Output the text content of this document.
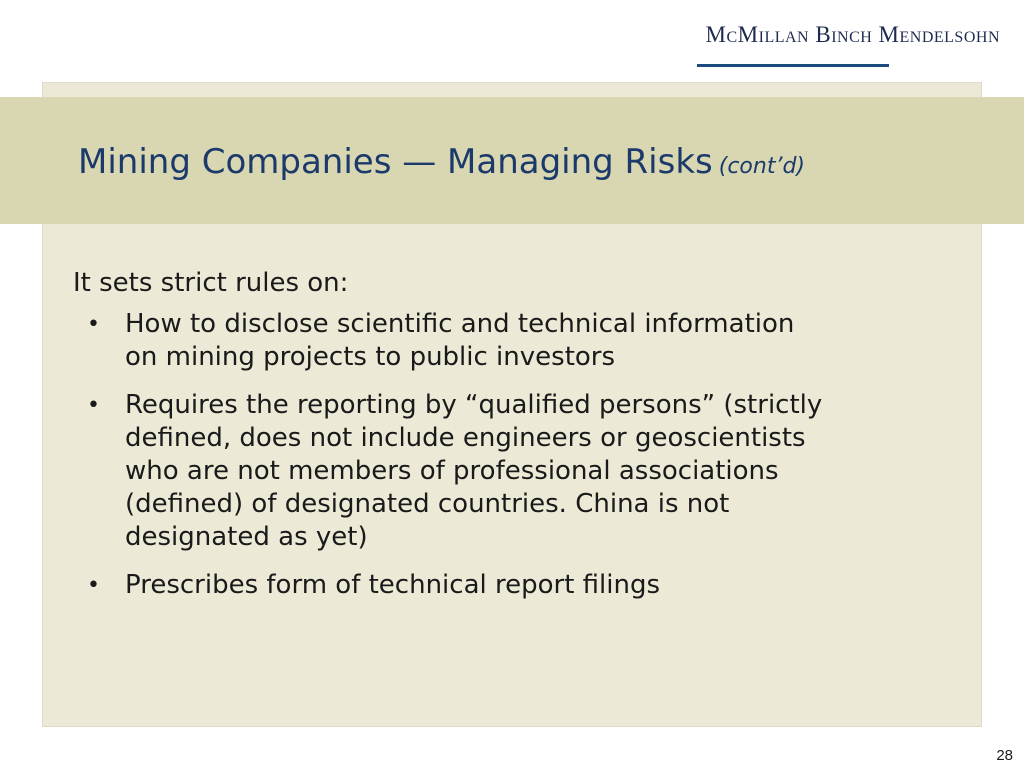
McMillan Binch Mendelsohn
Mining Companies — Managing Risks (cont’d)

It sets strict rules on:

• How to disclose scientific and technical information
on mining projects to public investors
• Requires the reporting by “qualified persons” (strictly
defined, does not include engineers or geoscientists
who are not members of professional associations
(defined) of designated countries. China is not
designated as yet)
• Prescribes form of technical report filings
28
